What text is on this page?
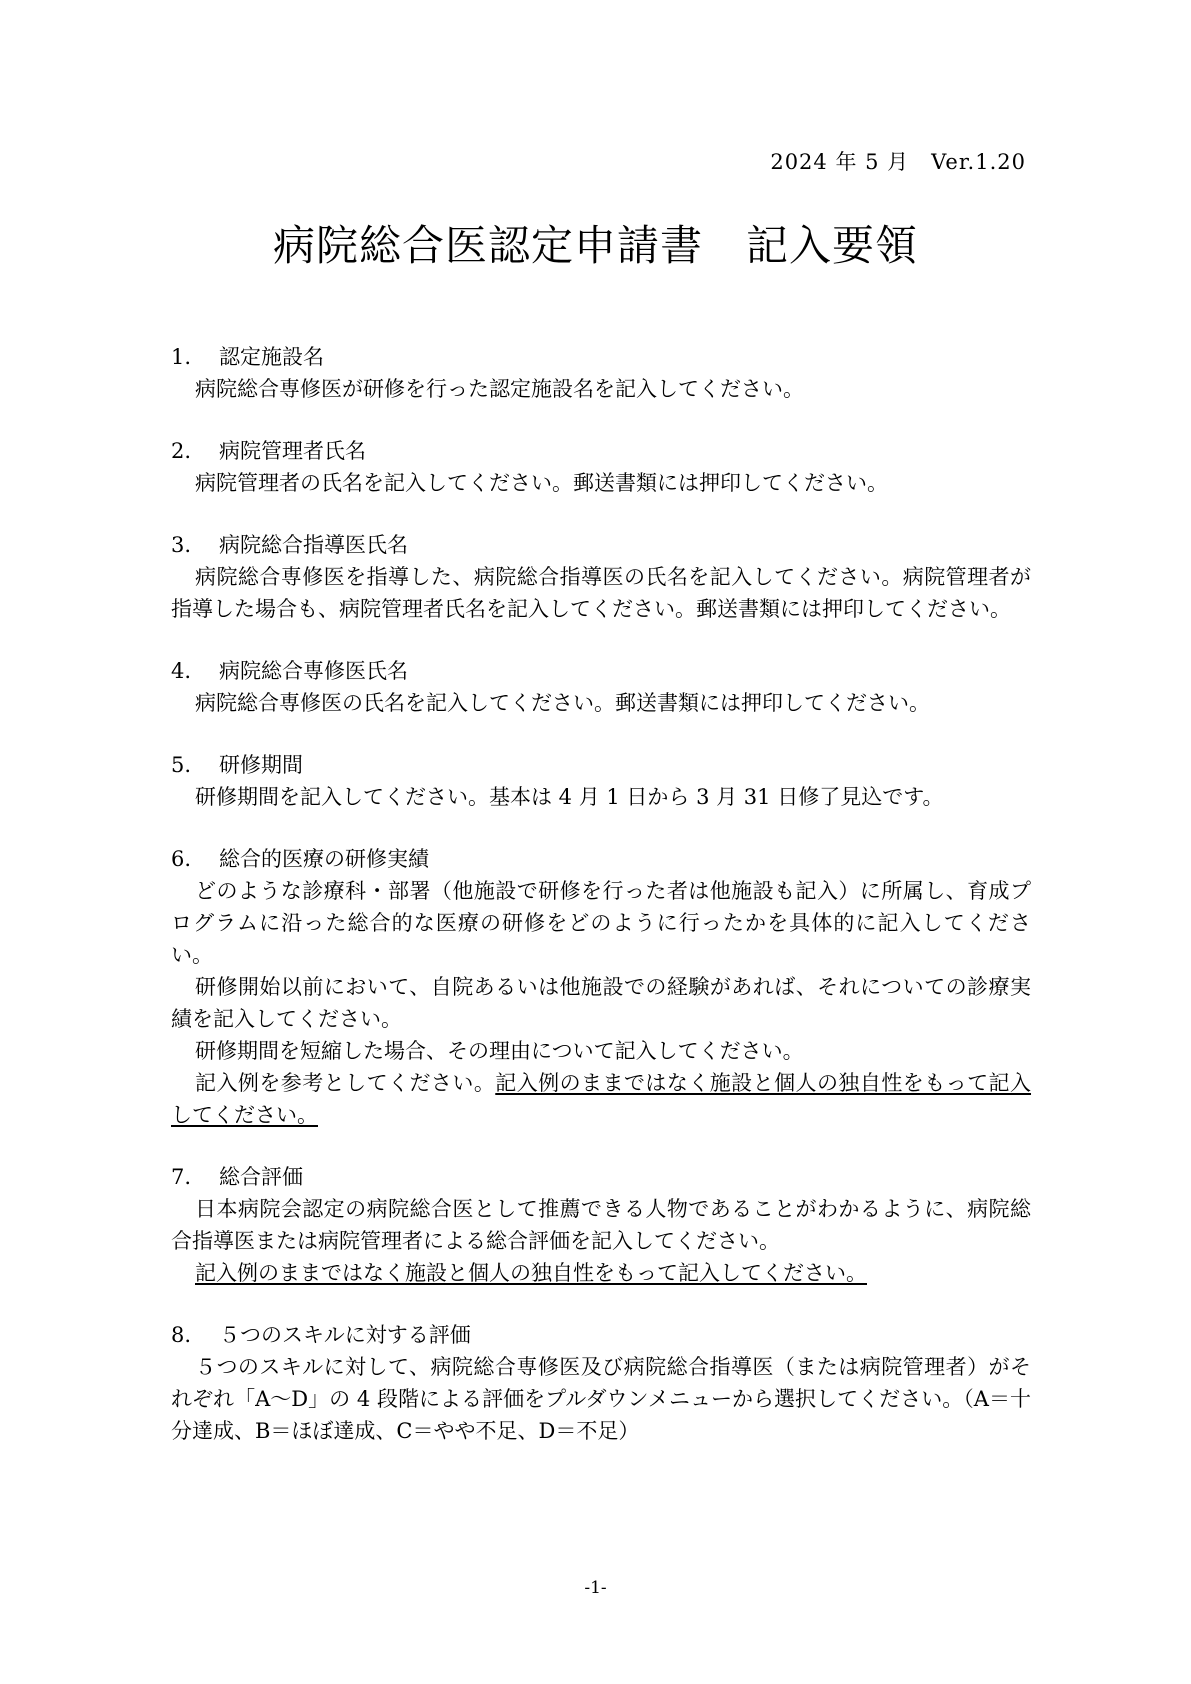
2024 年 5 月　Ver.1.20
病院総合医認定申請書　記入要領
1. 認定施設名

病院総合専修医が研修を行った認定施設名を記入してください。

2. 病院管理者氏名

病院管理者の氏名を記入してください。郵送書類には押印してください。

3. 病院総合指導医氏名

病院総合専修医を指導した、病院総合指導医の氏名を記入してください。病院管理者が指導した場合も、病院管理者氏名を記入してください。郵送書類には押印してください。

4. 病院総合専修医氏名

病院総合専修医の氏名を記入してください。郵送書類には押印してください。

5. 研修期間

研修期間を記入してください。基本は 4 月 1 日から 3 月 31 日修了見込です。

6. 総合的医療の研修実績

どのような診療科・部署（他施設で研修を行った者は他施設も記入）に所属し、育成プログラムに沿った総合的な医療の研修をどのように行ったかを具体的に記入してください。

研修開始以前において、自院あるいは他施設での経験があれば、それについての診療実績を記入してください。

研修期間を短縮した場合、その理由について記入してください。

記入例を参考としてください。記入例のままではなく施設と個人の独自性をもって記入してください。

7. 総合評価

日本病院会認定の病院総合医として推薦できる人物であることがわかるように、病院総合指導医または病院管理者による総合評価を記入してください。

記入例のままではなく施設と個人の独自性をもって記入してください。

8. ５つのスキルに対する評価

５つのスキルに対して、病院総合専修医及び病院総合指導医（または病院管理者）がそれぞれ「A～D」の 4 段階による評価をプルダウンメニューから選択してください。（A＝十分達成、B＝ほぼ達成、C＝やや不足、D＝不足）

-1-
